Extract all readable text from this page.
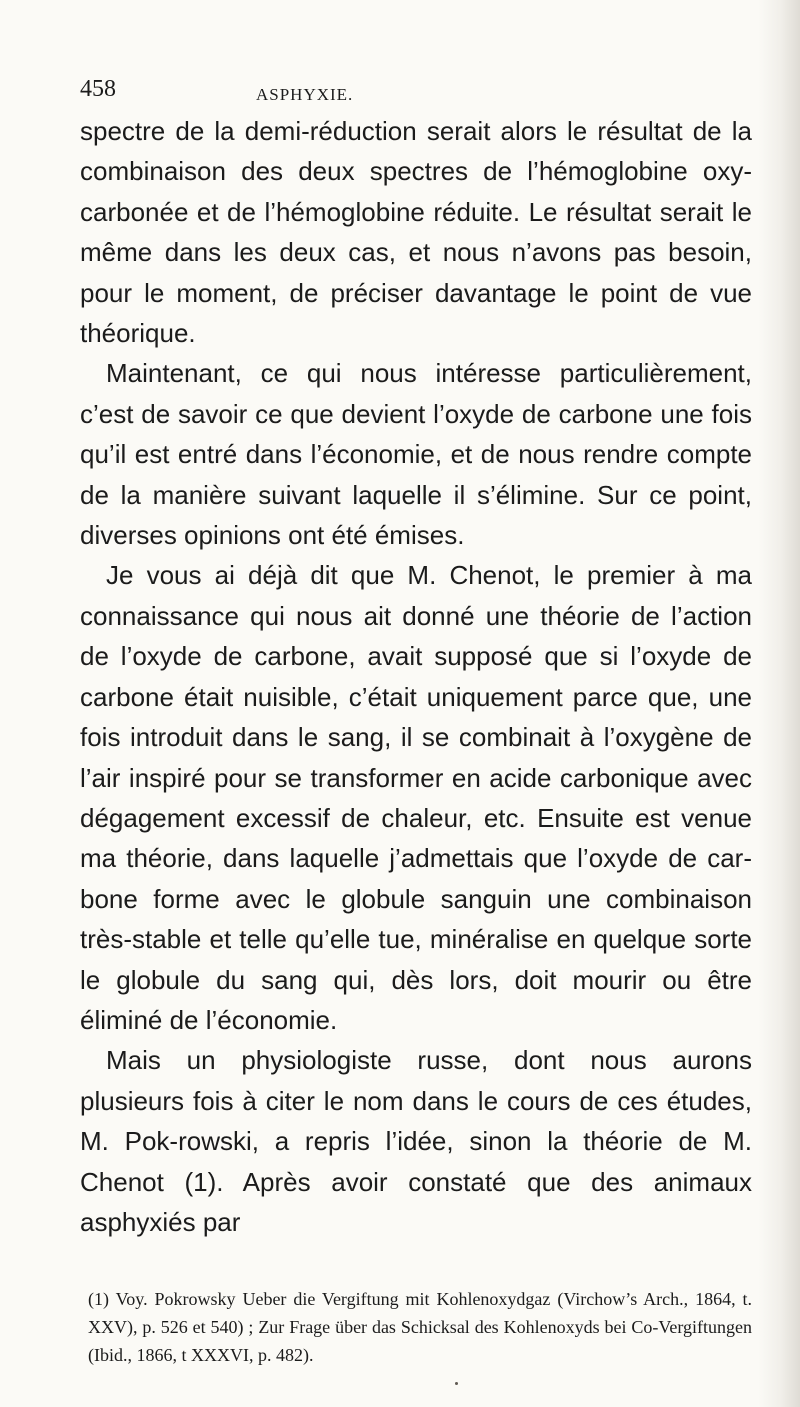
458	ASPHYXIE.

spectre de la demi-réduction serait alors le résultat de la combinaison des deux spectres de l’hémoglobine oxy-carbonée et de l’hémoglobine réduite. Le résultat serait le même dans les deux cas, et nous n’avons pas besoin, pour le moment, de préciser davantage le point de vue théorique.

Maintenant, ce qui nous intéresse particulièrement, c’est de savoir ce que devient l’oxyde de carbone une fois qu’il est entré dans l’économie, et de nous rendre compte de la manière suivant laquelle il s’élimine. Sur ce point, diverses opinions ont été émises.

Je vous ai déjà dit que M. Chenot, le premier à ma connaissance qui nous ait donné une théorie de l’action de l’oxyde de carbone, avait supposé que si l’oxyde de carbone était nuisible, c’était uniquement parce que, une fois introduit dans le sang, il se combinait à l’oxygène de l’air inspiré pour se transformer en acide carbonique avec dégagement excessif de chaleur, etc. Ensuite est venue ma théorie, dans laquelle j’admettais que l’oxyde de car-bone forme avec le globule sanguin une combinaison très-stable et telle qu’elle tue, minéralise en quelque sorte le globule du sang qui, dès lors, doit mourir ou être éliminé de l’économie.

Mais un physiologiste russe, dont nous aurons plusieurs fois à citer le nom dans le cours de ces études, M. Pok-rowski, a repris l’idée, sinon la théorie de M. Chenot (1). Après avoir constaté que des animaux asphyxiés par

(1) Voy. Pokrowsky Ueber die Vergiftung mit Kohlenoxydgaz (Virchow’s Arch., 1864, t. XXV), p. 526 et 540) ; Zur Frage über das Schicksal des Kohlenoxyds bei Co-Vergiftungen (Ibid., 1866, t XXXVI, p. 482).
